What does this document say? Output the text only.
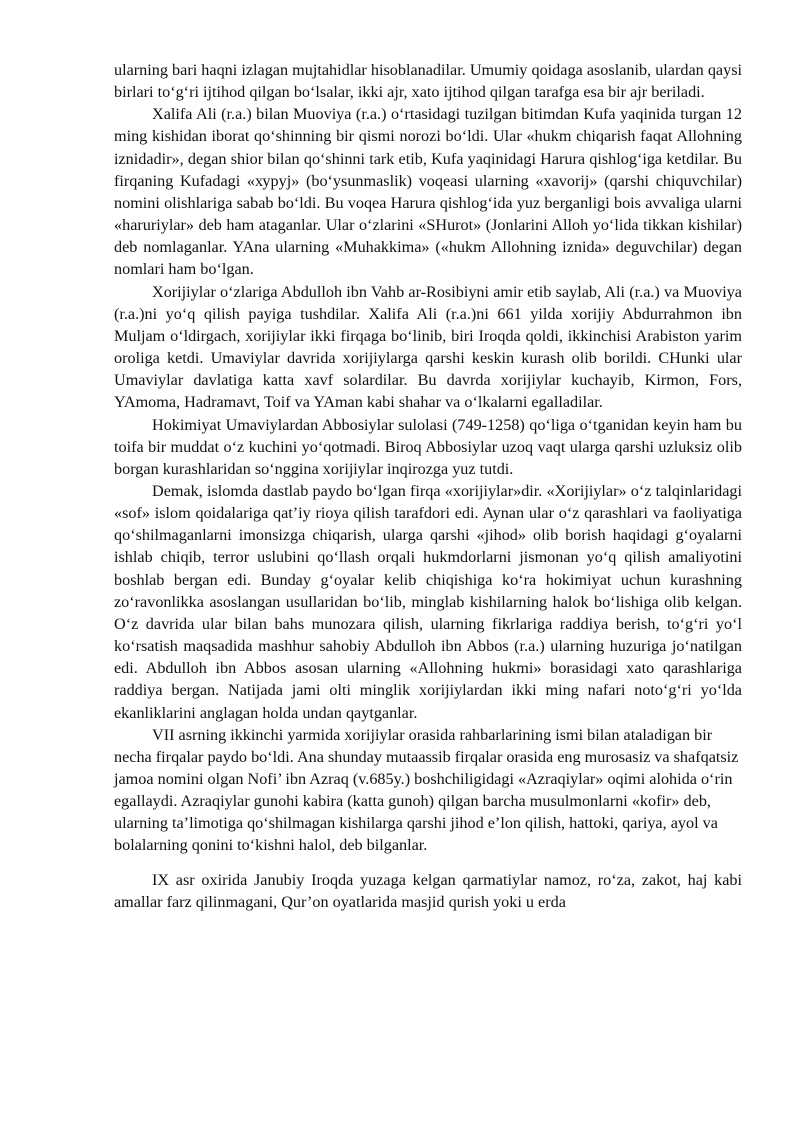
ularning bari haqni izlagan mujtahidlar hisoblanadilar. Umumiy qoidaga asoslanib, ulardan qaysi birlari to‘g‘ri ijtihod qilgan bo‘lsalar, ikki ajr, xato ijtihod qilgan tarafga esa bir ajr beriladi.

Xalifa Ali (r.a.) bilan Muoviya (r.a.) o‘rtasidagi tuzilgan bitimdan Kufa yaqinida turgan 12 ming kishidan iborat qo‘shinning bir qismi norozi bo‘ldi. Ular «hukm chiqarish faqat Allohning iznidadir», degan shior bilan qo‘shinni tark etib, Kufa yaqinidagi Harura qishlog‘iga ketdilar. Bu firqaning Kufadagi «хурyj» (bo‘ysunmaslik) voqeasi ularning «xavorij» (qarshi chiquvchilar) nomini olishlariga sabab bo‘ldi. Bu voqea Harura qishlog‘ida yuz berganligi bois avvaliga ularni «haruriylar» deb ham ataganlar. Ular o‘zlarini «SHurot» (Jonlarini Alloh yo‘lida tikkan kishilar) deb nomlaganlar. YAna ularning «Muhakkima» («hukm Allohning iznida» deguvchilar) degan nomlari ham bo‘lgan.

Xorijiylar o‘zlariga Abdulloh ibn Vahb ar-Rosibiyni amir etib saylab, Ali (r.a.) va Muoviya (r.a.)ni yo‘q qilish payiga tushdilar. Xalifa Ali (r.a.)ni 661 yilda xorijiy Abdurrahmon ibn Muljam o‘ldirgach, xorijiylar ikki firqaga bo‘linib, biri Iroqda qoldi, ikkinchisi Arabiston yarim oroliga ketdi. Umaviylar davrida xorijiylarga qarshi keskin kurash olib borildi. CHunki ular Umaviylar davlatiga katta xavf solardilar. Bu davrda xorijiylar kuchayib, Kirmon, Fors, YAmoma, Hadramavt, Toif va YAman kabi shahar va o‘lkalarni egalladilar.

Hokimiyat Umaviylardan Abbosiylar sulolasi (749-1258) qo‘liga o‘tganidan keyin ham bu toifa bir muddat o‘z kuchini yo‘qotmadi. Biroq Abbosiylar uzoq vaqt ularga qarshi uzluksiz olib borgan kurashlaridan so‘nggina xorijiylar inqirozga yuz tutdi.

Demak, islomda dastlab paydo bo‘lgan firqa «xorijiylar»dir. «Xorijiylar» o‘z talqinlaridagi «sof» islom qoidalariga qat’iy rioya qilish tarafdori edi. Aynan ular o‘z qarashlari va faoliyatiga qo‘shilmaganlarni imonsizga chiqarish, ularga qarshi «jihod» olib borish haqidagi g‘oyalarni ishlab chiqib, terror uslubini qo‘llash orqali hukmdorlarni jismonan yo‘q qilish amaliyotini boshlab bergan edi. Bunday g‘oyalar kelib chiqishiga ko‘ra hokimiyat uchun kurashning zo‘ravonlikka asoslangan usullaridan bo‘lib, minglab kishilarning halok bo‘lishiga olib kelgan. O‘z davrida ular bilan bahs munozara qilish, ularning fikrlariga raddiya berish, to‘g‘ri yo‘l ko‘rsatish maqsadida mashhur sahobiy Abdulloh ibn Abbos (r.a.) ularning huzuriga jo‘natilgan edi. Abdulloh ibn Abbos asosan ularning «Allohning hukmi» borasidagi xato qarashlariga raddiya bergan. Natijada jami olti minglik xorijiylardan ikki ming nafari noto‘g‘ri yo‘lda ekanliklarini anglagan holda undan qaytganlar.

VII asrning ikkinchi yarmida xorijiylar orasida rahbarlarining ismi bilan ataladigan bir necha firqalar paydo bo‘ldi. Ana shunday mutaassib firqalar orasida eng murosasiz va shafqatsiz jamoa nomini olgan Nofi’ ibn Azraq (v.685y.) boshchiligidagi «Azraqiylar» oqimi alohida o‘rin egallaydi. Azraqiylar gunohi kabira (katta gunoh) qilgan barcha musulmonlarni «kofir» deb, ularning ta’limotiga qo‘shilmagan kishilarga qarshi jihod e’lon qilish, hattoki, qariya, ayol va bolalarning qonini to‘kishni halol, deb bilganlar.

IX asr oxirida Janubiy Iroqda yuzaga kelgan qarmatiylar namoz, ro‘za, zakot, haj kabi amallar farz qilinmagani, Qur’on oyatlarida masjid qurish yoki u erda
